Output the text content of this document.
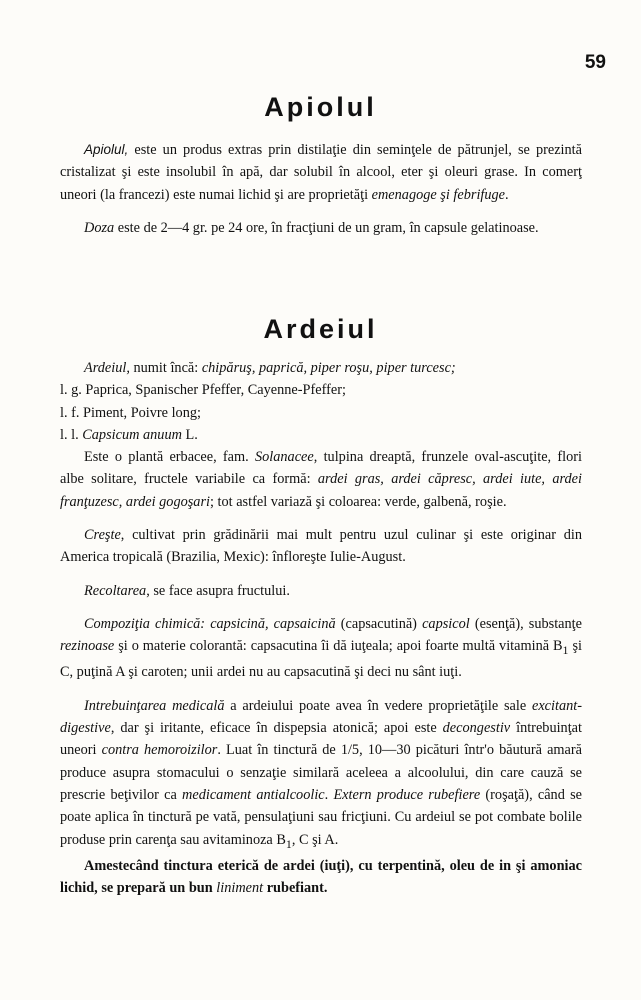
59
Apiolul

Apiolul, este un produs extras prin distilaţie din seminţele de pătrunjel, se prezintă cristalizat şi este insolubil în apă, dar solubil în alcool, eter şi oleuri grase. In comerţ uneori (la francezi) este numai lichid şi are proprietăţi emenagoge şi febrifuge.

Doza este de 2—4 gr. pe 24 ore, în fracţiuni de un gram, în capsule gelatinoase.

Ardeiul

Ardeiul, numit încă: chipăruş, paprică, piper roşu, piper turcesc;

l. g. Paprica, Spanischer Pfeffer, Cayenne-Pfeffer;

l. f. Piment, Poivre long;

l. l. Capsicum anuum L.

Este o plantă erbacee, fam. Solanacee, tulpina dreaptă, frunzele oval-ascuţite, flori albe solitare, fructele variabile ca formă: ardei gras, ardei căpresc, ardei iute, ardei franţuzesc, ardei gogoşari; tot astfel variază şi coloarea: verde, galbenă, roşie.

Creşte, cultivat prin grădinării mai mult pentru uzul culinar şi este originar din America tropicală (Brazilia, Mexic): înfloreşte Iulie-August.

Recoltarea, se face asupra fructului.

Compoziţia chimică: capsicină, capsaicină (capsacutină) capsicol (esenţă), substanţe rezinoase şi o materie colorantă: capsacutina îi dă iuţeala; apoi foarte multă vitamină $B_1$ şi C, puţină A şi caroten; unii ardei nu au capsacutină şi deci nu sânt iuţi.

Intrebuinţarea medicală a ardeiului poate avea în vedere proprietăţile sale excitant-digestive, dar şi iritante, eficace în dispepsia atonică; apoi este decongestiv întrebuinţat uneori contra hemoroizilor. Luat în tinctură de 1/5, 10—30 picături într'o băutură amară produce asupra stomacului o senzaţie similară aceleea a alcoolului, din care cauză se prescrie beţivilor ca medicament antialcoolic. Extern produce rubefiere (roşaţă), când se poate aplica în tinctură pe vată, pensulaţiuni sau fricţiuni. Cu ardeiul se pot combate bolile produse prin carenţa sau avitaminoza $B_1$, C şi A.

Amestecând tinctura eterică de ardei (iuţi), cu terpentină, oleu de in şi amoniac lichid, se prepară un bun liniment rubefiant.
